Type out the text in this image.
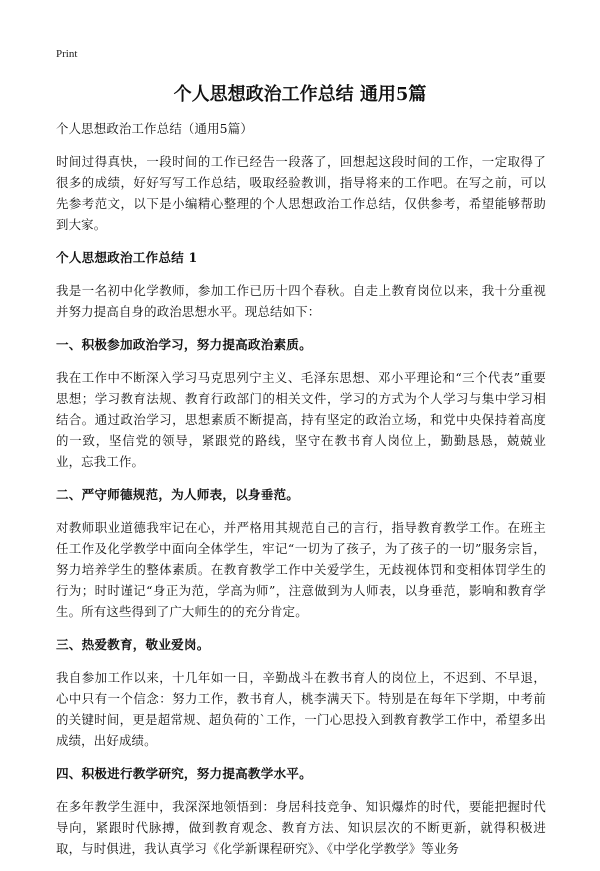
Print
个人思想政治工作总结 通用5篇
个人思想政治工作总结（通用5篇）

时间过得真快，一段时间的工作已经告一段落了，回想起这段时间的工作，一定取得了很多的成绩，好好写写工作总结，吸取经验教训，指导将来的工作吧。在写之前，可以先参考范文，以下是小编精心整理的个人思想政治工作总结，仅供参考，希望能够帮助到大家。

个人思想政治工作总结 1

我是一名初中化学教师，参加工作已历十四个春秋。自走上教育岗位以来，我十分重视并努力提高自身的政治思想水平。现总结如下：

一、积极参加政治学习，努力提高政治素质。

我在工作中不断深入学习马克思列宁主义、毛泽东思想、邓小平理论和“三个代表”重要思想；学习教育法规、教育行政部门的相关文件，学习的方式为个人学习与集中学习相结合。通过政治学习，思想素质不断提高，持有坚定的政治立场，和党中央保持着高度的一致，坚信党的领导，紧跟党的路线，坚守在教书育人岗位上，勤勤恳恳，兢兢业业，忘我工作。

二、严守师德规范，为人师表，以身垂范。

对教师职业道德我牢记在心，并严格用其规范自己的言行，指导教育教学工作。在班主任工作及化学教学中面向全体学生，牢记“一切为了孩子，为了孩子的一切”服务宗旨，努力培养学生的整体素质。在教育教学工作中关爱学生，无歧视体罚和变相体罚学生的行为；时时谨记“身正为范，学高为师”，注意做到为人师表，以身垂范，影响和教育学生。所有这些得到了广大师生的的充分肯定。

三、热爱教育，敬业爱岗。

我自参加工作以来，十几年如一日，辛勤战斗在教书育人的岗位上，不迟到、不早退，心中只有一个信念：努力工作，教书育人，桃李满天下。特别是在每年下学期，中考前的关键时间，更是超常规、超负荷的`工作，一门心思投入到教育教学工作中，希望多出成绩，出好成绩。

四、积极进行教学研究，努力提高教学水平。

在多年教学生涯中，我深深地领悟到：身居科技竞争、知识爆炸的时代，要能把握时代导向，紧跟时代脉搏，做到教育观念、教育方法、知识层次的不断更新，就得积极进取，与时俱进，我认真学习《化学新课程研究》、《中学化学教学》等业务
